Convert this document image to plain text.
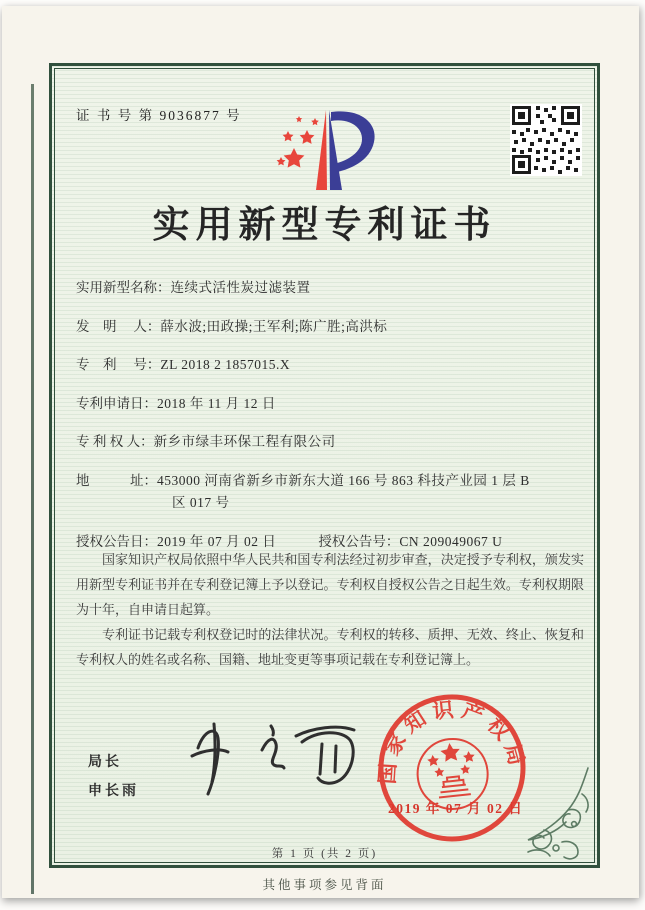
证 书 号 第 9036877 号
实用新型专利证书
实用新型名称： 连续式活性炭过滤装置
发　明　 人： 薛水波;田政操;王军利;陈广胜;高洪标
专　利　 号： ZL 2018 2 1857015.X
专利申请日： 2018 年 11 月 12 日
专 利 权 人： 新乡市绿丰环保工程有限公司
地　　　址： 453000 河南省新乡市新东大道 166 号 863 科技产业园 1 层 B
区 017 号
授权公告日： 2019 年 07 月 02 日	授权公告号： CN 209049067 U

国家知识产权局依照中华人民共和国专利法经过初步审查，决定授予专利权，颁发实用新型专利证书并在专利登记簿上予以登记。专利权自授权公告之日起生效。专利权期限为十年，自申请日起算。

专利证书记载专利权登记时的法律状况。专利权的转移、质押、无效、终止、恢复和专利权人的姓名或名称、国籍、地址变更等事项记载在专利登记簿上。

局长
申长雨
2019 年 07 月 02 日
国家知识产权局
第 1 页 (共 2 页)
其他事项参见背面
